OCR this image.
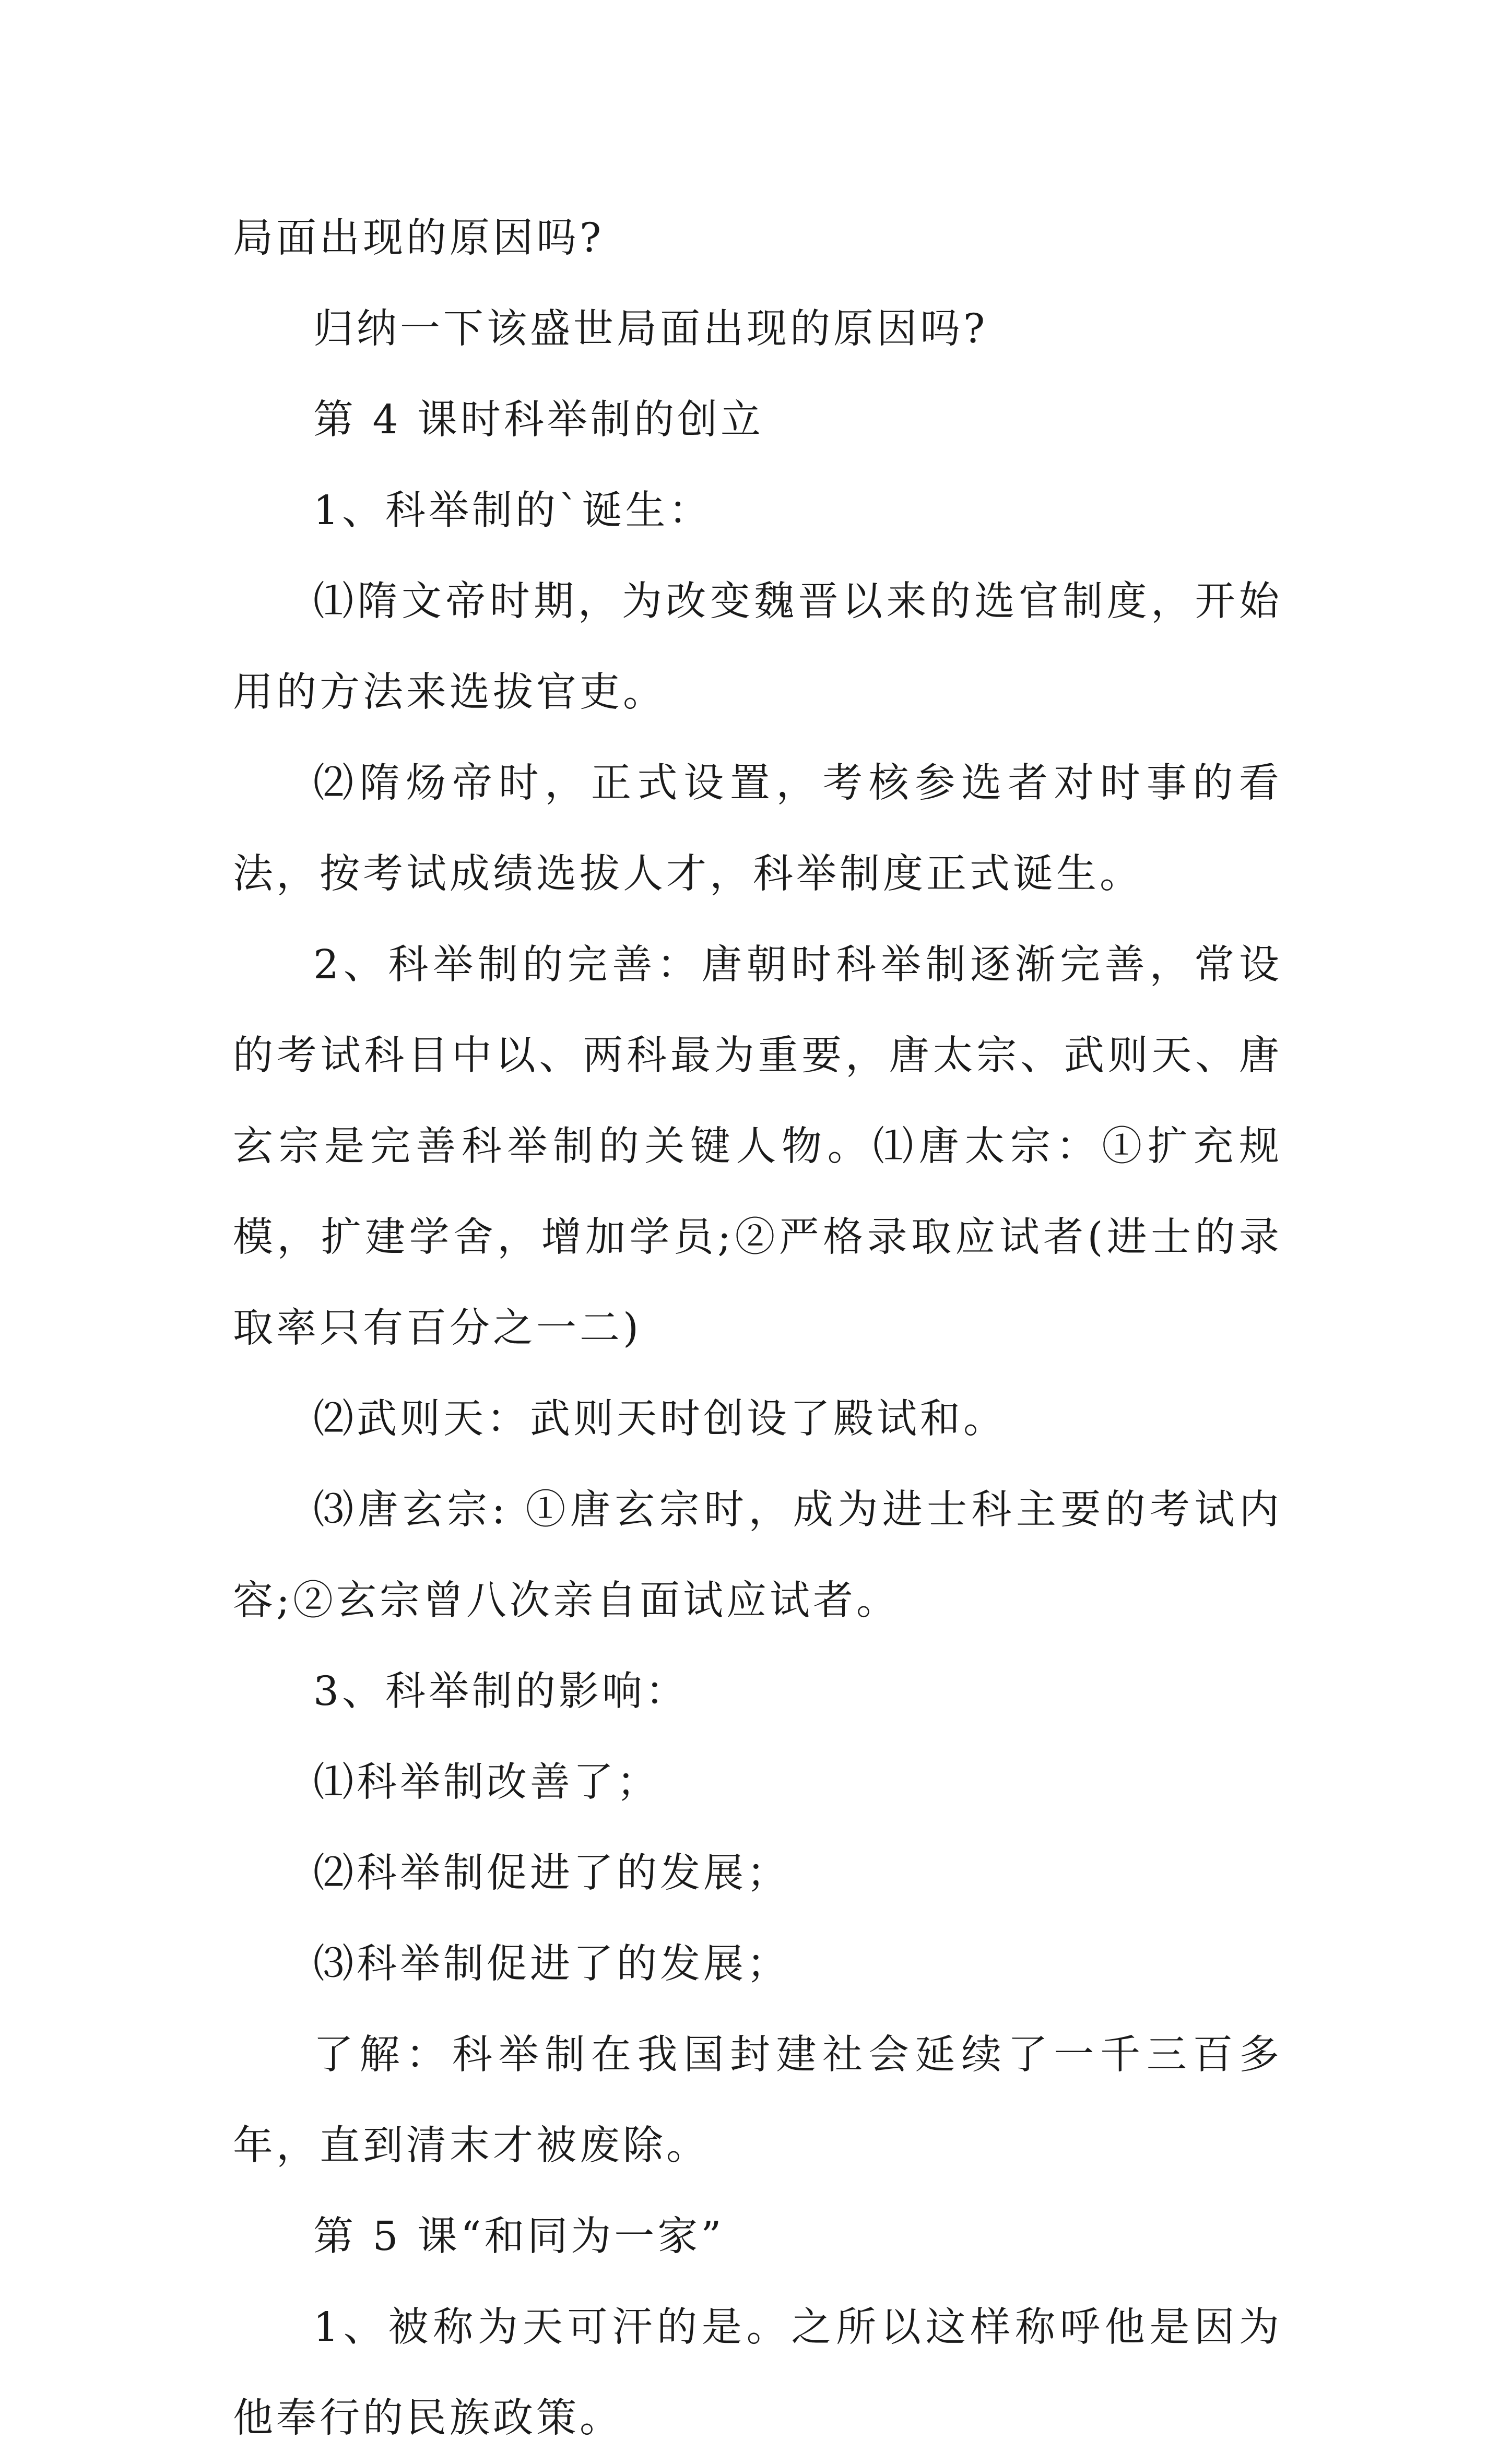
局面出现的原因吗?

归纳一下该盛世局面出现的原因吗?

第 4 课时科举制的创立

1、科举制的`诞生：

⑴隋文帝时期，为改变魏晋以来的选官制度，开始用的方法来选拔官吏。

⑵隋炀帝时，正式设置，考核参选者对时事的看法，按考试成绩选拔人才，科举制度正式诞生。

2、科举制的完善：唐朝时科举制逐渐完善，常设的考试科目中以、两科最为重要，唐太宗、武则天、唐玄宗是完善科举制的关键人物。⑴唐太宗：①扩充规模，扩建学舍，增加学员;②严格录取应试者(进士的录取率只有百分之一二)

⑵武则天：武则天时创设了殿试和。

⑶唐玄宗: ①唐玄宗时，成为进士科主要的考试内容;②玄宗曾八次亲自面试应试者。

3、科举制的影响：

⑴科举制改善了；

⑵科举制促进了的发展；

⑶科举制促进了的发展；

了解：科举制在我国封建社会延续了一千三百多年，直到清末才被废除。

第 5 课“和同为一家”

1、被称为天可汗的是。之所以这样称呼他是因为他奉行的民族政策。
